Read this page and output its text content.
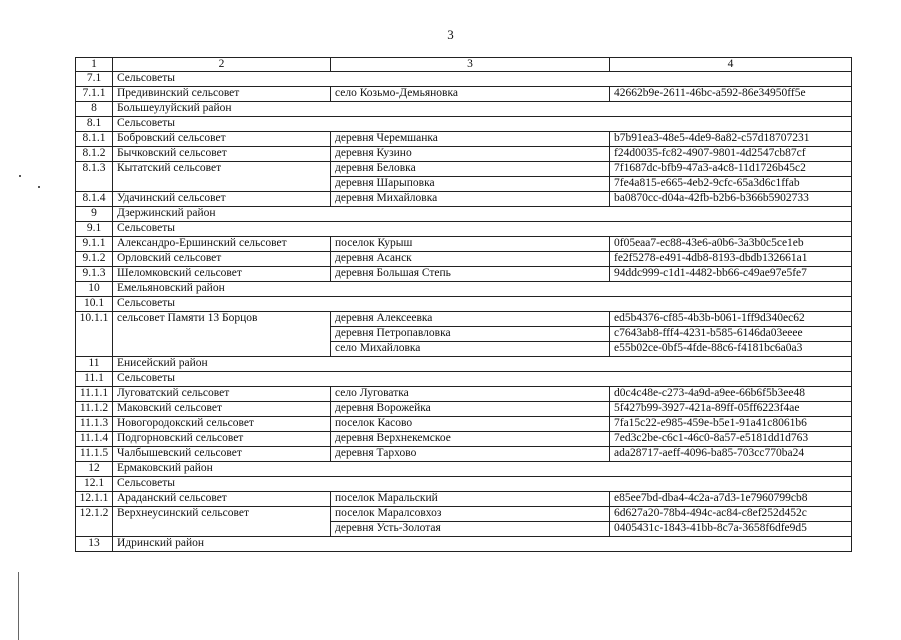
3
1	2	3	4
7.1	Сельсоветы		
7.1.1	Предивинский сельсовет	село Козьмо-Демьяновка	42662b9e-2611-46bc-a592-86e34950ff5e
8	Большеулуйский район		
8.1	Сельсоветы		
8.1.1	Бобровский сельсовет	деревня Черемшанка	b7b91ea3-48e5-4de9-8a82-c57d18707231
8.1.2	Бычковский сельсовет	деревня Кузино	f24d0035-fc82-4907-9801-4d2547cb87cf
8.1.3	Кытатский сельсовет	деревня Беловка	7f1687dc-bfb9-47a3-a4c8-11d1726b45c2
		деревня Шарыповка	7fe4a815-e665-4eb2-9cfc-65a3d6c1ffab
8.1.4	Удачинский сельсовет	деревня Михайловка	ba0870cc-d04a-42fb-b2b6-b366b5902733
9	Дзержинский район		
9.1	Сельсоветы		
9.1.1	Александро-Ершинский сельсовет	поселок Курыш	0f05eaa7-ec88-43e6-a0b6-3a3b0c5ce1eb
9.1.2	Орловский сельсовет	деревня Асанск	fe2f5278-e491-4db8-8193-dbdb132661a1
9.1.3	Шеломковский сельсовет	деревня Большая Степь	94ddc999-c1d1-4482-bb66-c49ae97e5fe7
10	Емельяновский район		
10.1	Сельсоветы		
10.1.1	сельсовет Памяти 13 Борцов	деревня Алексеевка	ed5b4376-cf85-4b3b-b061-1ff9d340ec62
		деревня Петропавловка	c7643ab8-fff4-4231-b585-6146da03eeee
		село Михайловка	e55b02ce-0bf5-4fde-88c6-f4181bc6a0a3
11	Енисейский район		
11.1	Сельсоветы		
11.1.1	Луговатский сельсовет	село Луговатка	d0c4c48e-c273-4a9d-a9ee-66b6f5b3ee48
11.1.2	Маковский сельсовет	деревня Ворожейка	5f427b99-3927-421a-89ff-05ff6223f4ae
11.1.3	Новогородокский сельсовет	поселок Касово	7fa15c22-e985-459e-b5e1-91a41c8061b6
11.1.4	Подгорновский сельсовет	деревня Верхнекемское	7ed3c2be-c6c1-46c0-8a57-e5181dd1d763
11.1.5	Чалбышевский сельсовет	деревня Тархово	ada28717-aeff-4096-ba85-703cc770ba24
12	Ермаковский район		
12.1	Сельсоветы		
12.1.1	Араданский сельсовет	поселок Маральский	e85ee7bd-dba4-4c2a-a7d3-1e7960799cb8
12.1.2	Верхнеусинский сельсовет	поселок Маралсовхоз	6d627a20-78b4-494c-ac84-c8ef252d452c
		деревня Усть-Золотая	0405431c-1843-41bb-8c7a-3658f6dfe9d5
13	Идринский район		
